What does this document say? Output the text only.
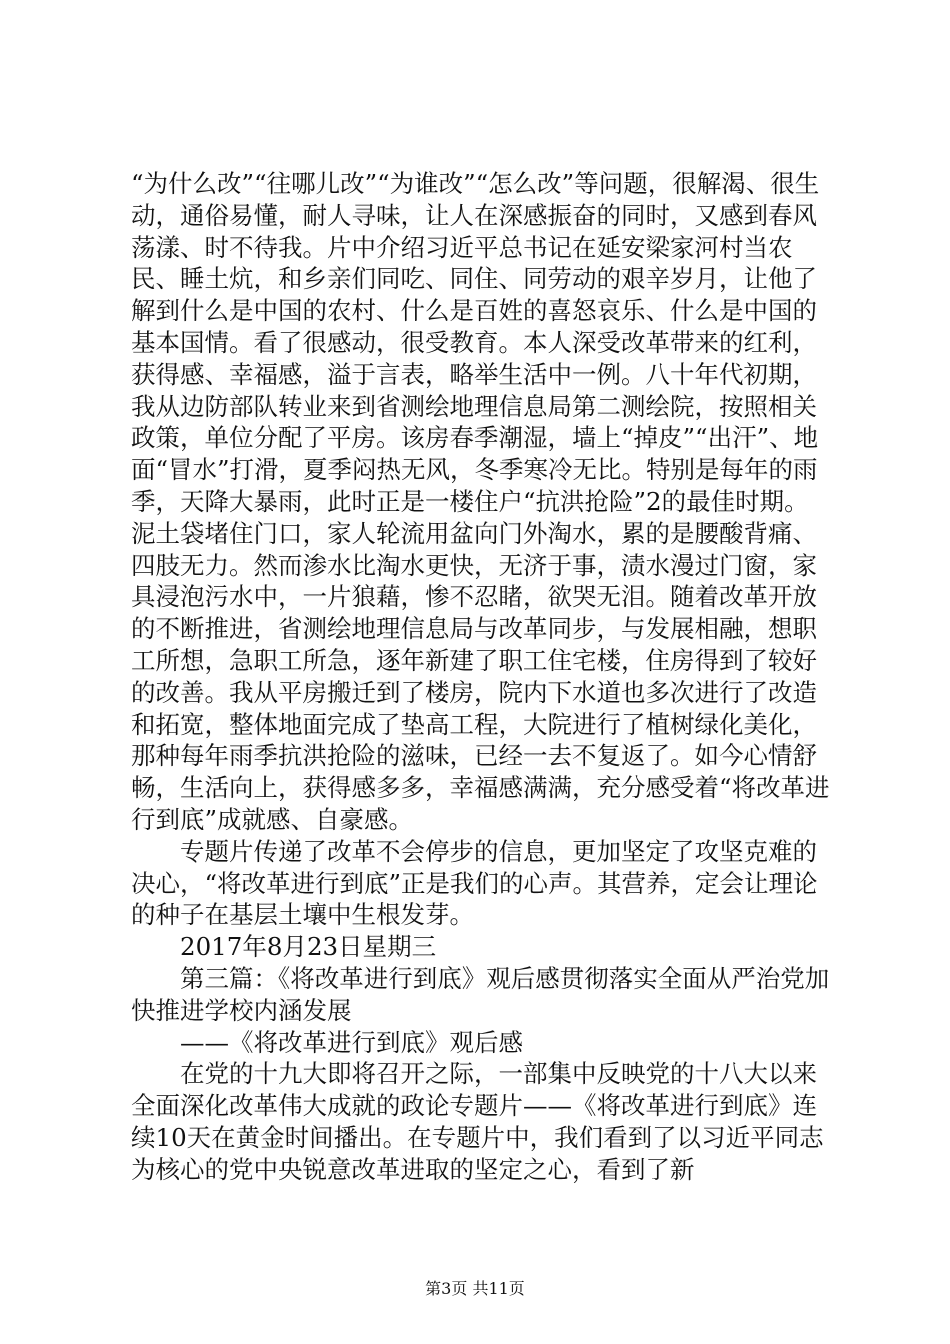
“为什么改”“往哪儿改”“为谁改”“怎么改”等问题，很解渴、很生动，通俗易懂，耐人寻味，让人在深感振奋的同时，又感到春风荡漾、时不待我。片中介绍习近平总书记在延安梁家河村当农民、睡土炕，和乡亲们同吃、同住、同劳动的艰辛岁月，让他了解到什么是中国的农村、什么是百姓的喜怒哀乐、什么是中国的基本国情。看了很感动，很受教育。本人深受改革带来的红利，获得感、幸福感，溢于言表，略举生活中一例。八十年代初期，我从边防部队转业来到省测绘地理信息局第二测绘院，按照相关政策，单位分配了平房。该房春季潮湿，墙上“掉皮”“出汗”、地面“冒水”打滑，夏季闷热无风，冬季寒冷无比。特别是每年的雨季，天降大暴雨，此时正是一楼住户“抗洪抢险”2的最佳时期。泥土袋堵住门口，家人轮流用盆向门外淘水，累的是腰酸背痛、四肢无力。然而渗水比淘水更快，无济于事，渍水漫过门窗，家具浸泡污水中，一片狼藉，惨不忍睹，欲哭无泪。随着改革开放的不断推进，省测绘地理信息局与改革同步，与发展相融，想职工所想，急职工所急，逐年新建了职工住宅楼，住房得到了较好的改善。我从平房搬迁到了楼房，院内下水道也多次进行了改造和拓宽，整体地面完成了垫高工程，大院进行了植树绿化美化，那种每年雨季抗洪抢险的滋味，已经一去不复返了。如今心情舒畅，生活向上，获得感多多，幸福感满满，充分感受着“将改革进行到底”成就感、自豪感。

专题片传递了改革不会停步的信息，更加坚定了攻坚克难的决心，“将改革进行到底”正是我们的心声。其营养，定会让理论的种子在基层土壤中生根发芽。

2017年8月23日星期三

第三篇：《将改革进行到底》观后感贯彻落实全面从严治党加快推进学校内涵发展

——《将改革进行到底》观后感

在党的十九大即将召开之际，一部集中反映党的十八大以来全面深化改革伟大成就的政论专题片——《将改革进行到底》连续10天在黄金时间播出。在专题片中，我们看到了以习近平同志为核心的党中央锐意改革进取的坚定之心，看到了新

第3页 共11页
